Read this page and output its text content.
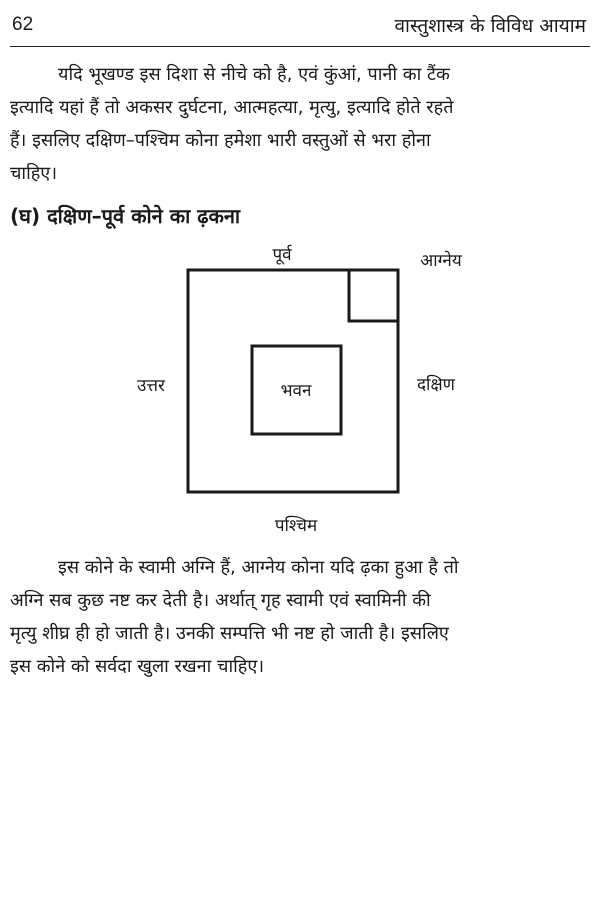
62	वास्तुशास्त्र के विविध आयाम

यदि भूखण्ड इस दिशा से नीचे को है, एवं कुंआं, पानी का टैंक
इत्यादि यहां हैं तो अकसर दुर्घटना, आत्महत्या, मृत्यु, इत्यादि होते रहते
हैं। इसलिए दक्षिण–पश्चिम कोना हमेशा भारी वस्तुओं से भरा होना
चाहिए।

(घ) दक्षिण–पूर्व कोने का ढ़कना
पूर्व	आग्नेय
उत्तर	दक्षिण
पश्चिम
भवन

इस कोने के स्वामी अग्नि हैं, आग्नेय कोना यदि ढ़का हुआ है तो
अग्नि सब कुछ नष्ट कर देती है। अर्थात् गृह स्वामी एवं स्वामिनी की
मृत्यु शीघ्र ही हो जाती है। उनकी सम्पत्ति भी नष्ट हो जाती है। इसलिए
इस कोने को सर्वदा खुला रखना चाहिए।
